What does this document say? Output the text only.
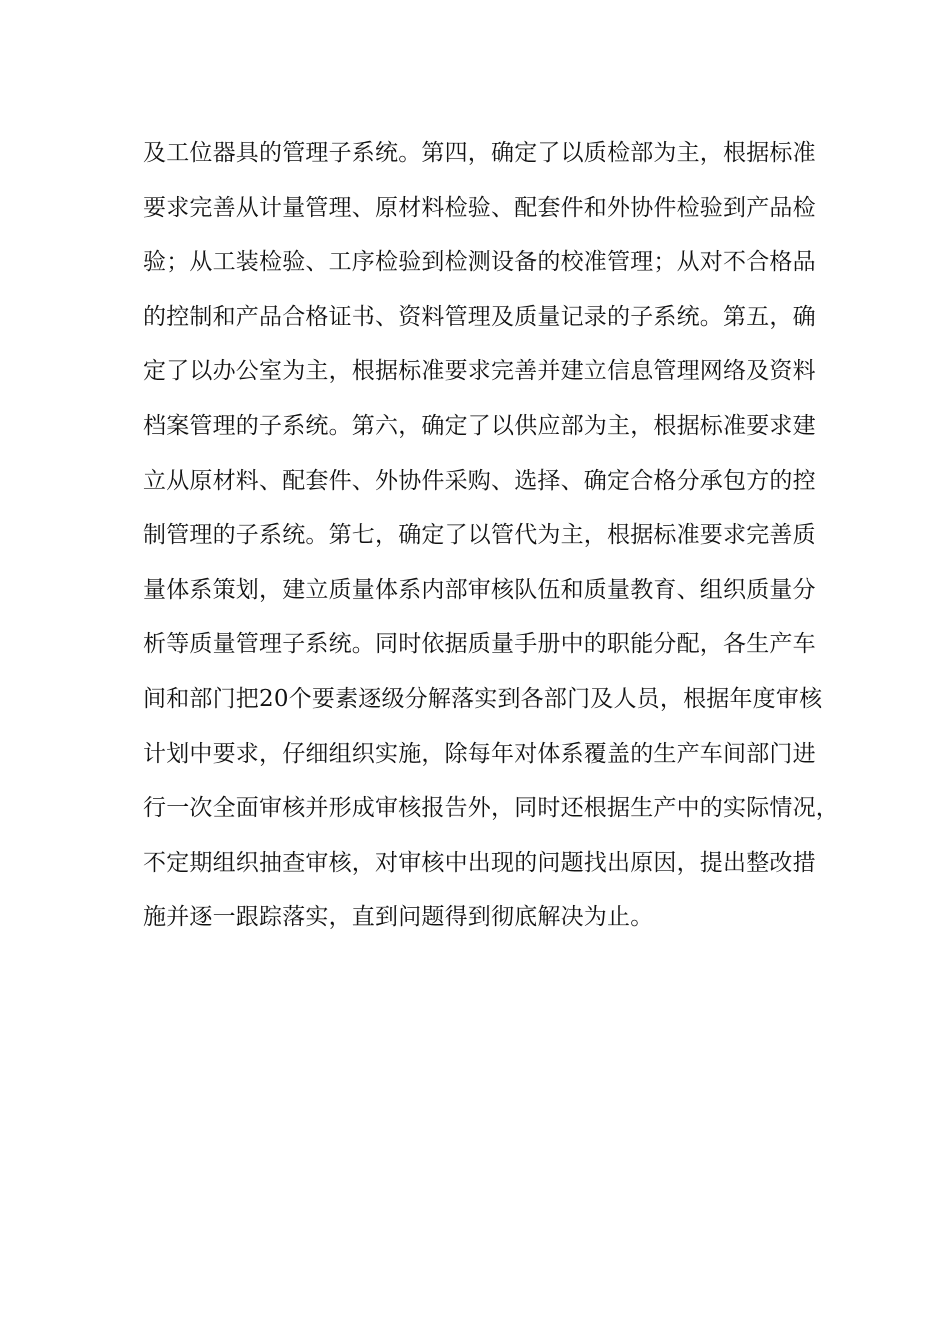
及工位器具的管理子系统。第四，确定了以质检部为主，根据标准
要求完善从计量管理、原材料检验、配套件和外协件检验到产品检
验；从工装检验、工序检验到检测设备的校准管理；从对不合格品
的控制和产品合格证书、资料管理及质量记录的子系统。第五，确
定了以办公室为主，根据标准要求完善并建立信息管理网络及资料
档案管理的子系统。第六，确定了以供应部为主，根据标准要求建
立从原材料、配套件、外协件采购、选择、确定合格分承包方的控
制管理的子系统。第七，确定了以管代为主，根据标准要求完善质
量体系策划，建立质量体系内部审核队伍和质量教育、组织质量分
析等质量管理子系统。同时依据质量手册中的职能分配，各生产车
间和部门把20个要素逐级分解落实到各部门及人员，根据年度审核
计划中要求，仔细组织实施，除每年对体系覆盖的生产车间部门进
行一次全面审核并形成审核报告外，同时还根据生产中的实际情况，
不定期组织抽查审核，对审核中出现的问题找出原因，提出整改措
施并逐一跟踪落实，直到问题得到彻底解决为止。
